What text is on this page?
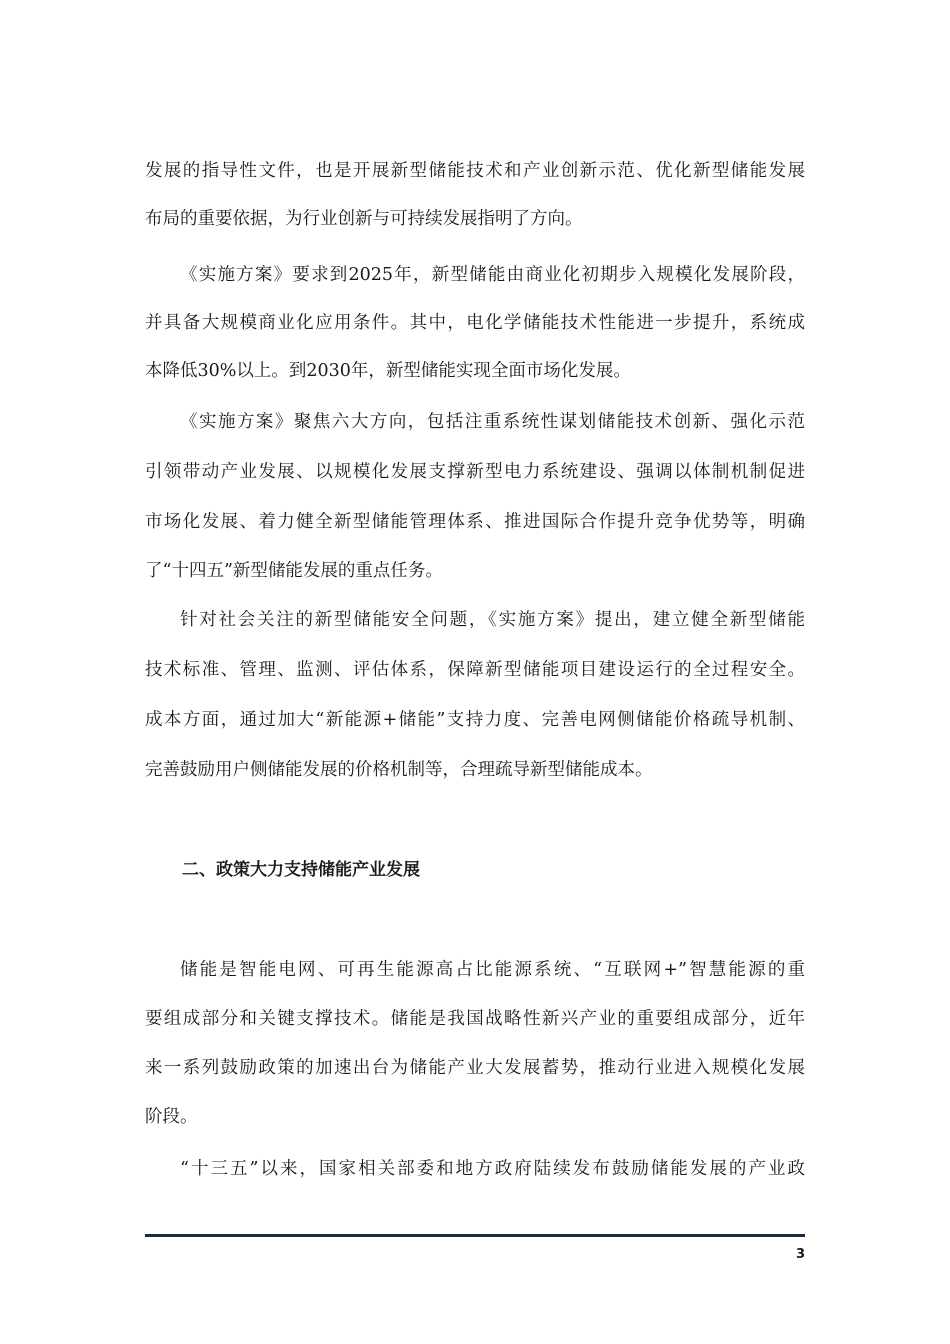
发展的指导性文件，也是开展新型储能技术和产业创新示范、优化新型储能发展
布局的重要依据，为行业创新与可持续发展指明了方向。
《实施方案》要求到2025年，新型储能由商业化初期步入规模化发展阶段，
并具备大规模商业化应用条件。其中，电化学储能技术性能进一步提升，系统成
本降低30%以上。到2030年，新型储能实现全面市场化发展。
《实施方案》聚焦六大方向，包括注重系统性谋划储能技术创新、强化示范
引领带动产业发展、以规模化发展支撑新型电力系统建设、强调以体制机制促进
市场化发展、着力健全新型储能管理体系、推进国际合作提升竞争优势等，明确
了“十四五”新型储能发展的重点任务。
针对社会关注的新型储能安全问题，《实施方案》提出，建立健全新型储能
技术标准、管理、监测、评估体系，保障新型储能项目建设运行的全过程安全。
成本方面，通过加大“新能源+储能”支持力度、完善电网侧储能价格疏导机制、
完善鼓励用户侧储能发展的价格机制等，合理疏导新型储能成本。
二、政策大力支持储能产业发展
储能是智能电网、可再生能源高占比能源系统、“互联网+”智慧能源的重
要组成部分和关键支撑技术。储能是我国战略性新兴产业的重要组成部分，近年
来一系列鼓励政策的加速出台为储能产业大发展蓄势，推动行业进入规模化发展
阶段。
“十三五”以来，国家相关部委和地方政府陆续发布鼓励储能发展的产业政
3
